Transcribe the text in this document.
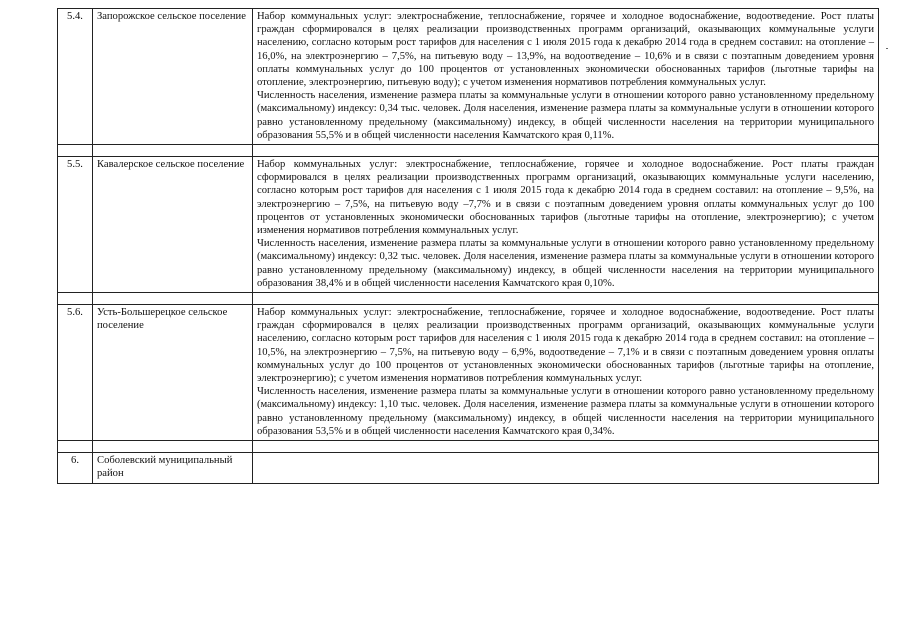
5.4.	Запорожское сельское поселение	Набор коммунальных услуг: электроснабжение, теплоснабжение, горячее и холодное водоснабжение, водоотведение. Рост платы граждан сформировался в целях реализации производственных программ организаций, оказывающих коммунальные услуги населению, согласно которым рост тарифов для населения с 1 июля 2015 года к декабрю 2014 года в среднем составил: на отопление – 16,0%, на электроэнергию – 7,5%, на питьевую воду – 13,9%, на водоотведение – 10,6% и в связи с поэтапным доведением уровня оплаты коммунальных услуг до 100 процентов от установленных экономически обоснованных тарифов (льготные тарифы на отопление, электроэнергию, питьевую воду); с учетом изменения нормативов потребления коммунальных услуг.

Численность населения, изменение размера платы за коммунальные услуги в отношении которого равно установленному предельному (максимальному) индексу: 0,34 тыс. человек. Доля населения, изменение размера платы за коммунальные услуги в отношении которого равно установленному предельному (максимальному) индексу, в общей численности населения на территории муниципального образования 55,5% и в общей численности населения Камчатского края 0,11%.

5.5.	Кавалерское сельское поселение	Набор коммунальных услуг: электроснабжение, теплоснабжение, горячее и холодное водоснабжение. Рост платы граждан сформировался в целях реализации производственных программ организаций, оказывающих коммунальные услуги населению, согласно которым рост тарифов для населения с 1 июля 2015 года к декабрю 2014 года в среднем составил: на отопление – 9,5%, на электроэнергию – 7,5%, на питьевую воду –7,7% и в связи с поэтапным доведением уровня оплаты коммунальных услуг до 100 процентов от установленных экономически обоснованных тарифов (льготные тарифы на отопление, электроэнергию); с учетом изменения нормативов потребления коммунальных услуг.

Численность населения, изменение размера платы за коммунальные услуги в отношении которого равно установленному предельному (максимальному) индексу: 0,32 тыс. человек. Доля населения, изменение размера платы за коммунальные услуги в отношении которого равно установленному предельному (максимальному) индексу, в общей численности населения на территории муниципального образования 38,4% и в общей численности населения Камчатского края 0,10%.

5.6.	Усть-Большерецкое сельское поселение	Набор коммунальных услуг: электроснабжение, теплоснабжение, горячее и холодное водоснабжение, водоотведение. Рост платы граждан сформировался в целях реализации производственных программ организаций, оказывающих коммунальные услуги населению, согласно которым рост тарифов для населения с 1 июля 2015 года к декабрю 2014 года в среднем составил: на отопление – 10,5%, на электроэнергию – 7,5%, на питьевую воду – 6,9%, водоотведение – 7,1% и в связи с поэтапным доведением уровня оплаты коммунальных услуг до 100 процентов от установленных экономически обоснованных тарифов (льготные тарифы на отопление, электроэнергию); с учетом изменения нормативов потребления коммунальных услуг.

Численность населения, изменение размера платы за коммунальные услуги в отношении которого равно установленному предельному (максимальному) индексу: 1,10 тыс. человек. Доля населения, изменение размера платы за коммунальные услуги в отношении которого равно установленному предельному (максимальному) индексу, в общей численности населения на территории муниципального образования 53,5% и в общей численности населения Камчатского края 0,34%.

6.	Соболевский муниципальный район	
